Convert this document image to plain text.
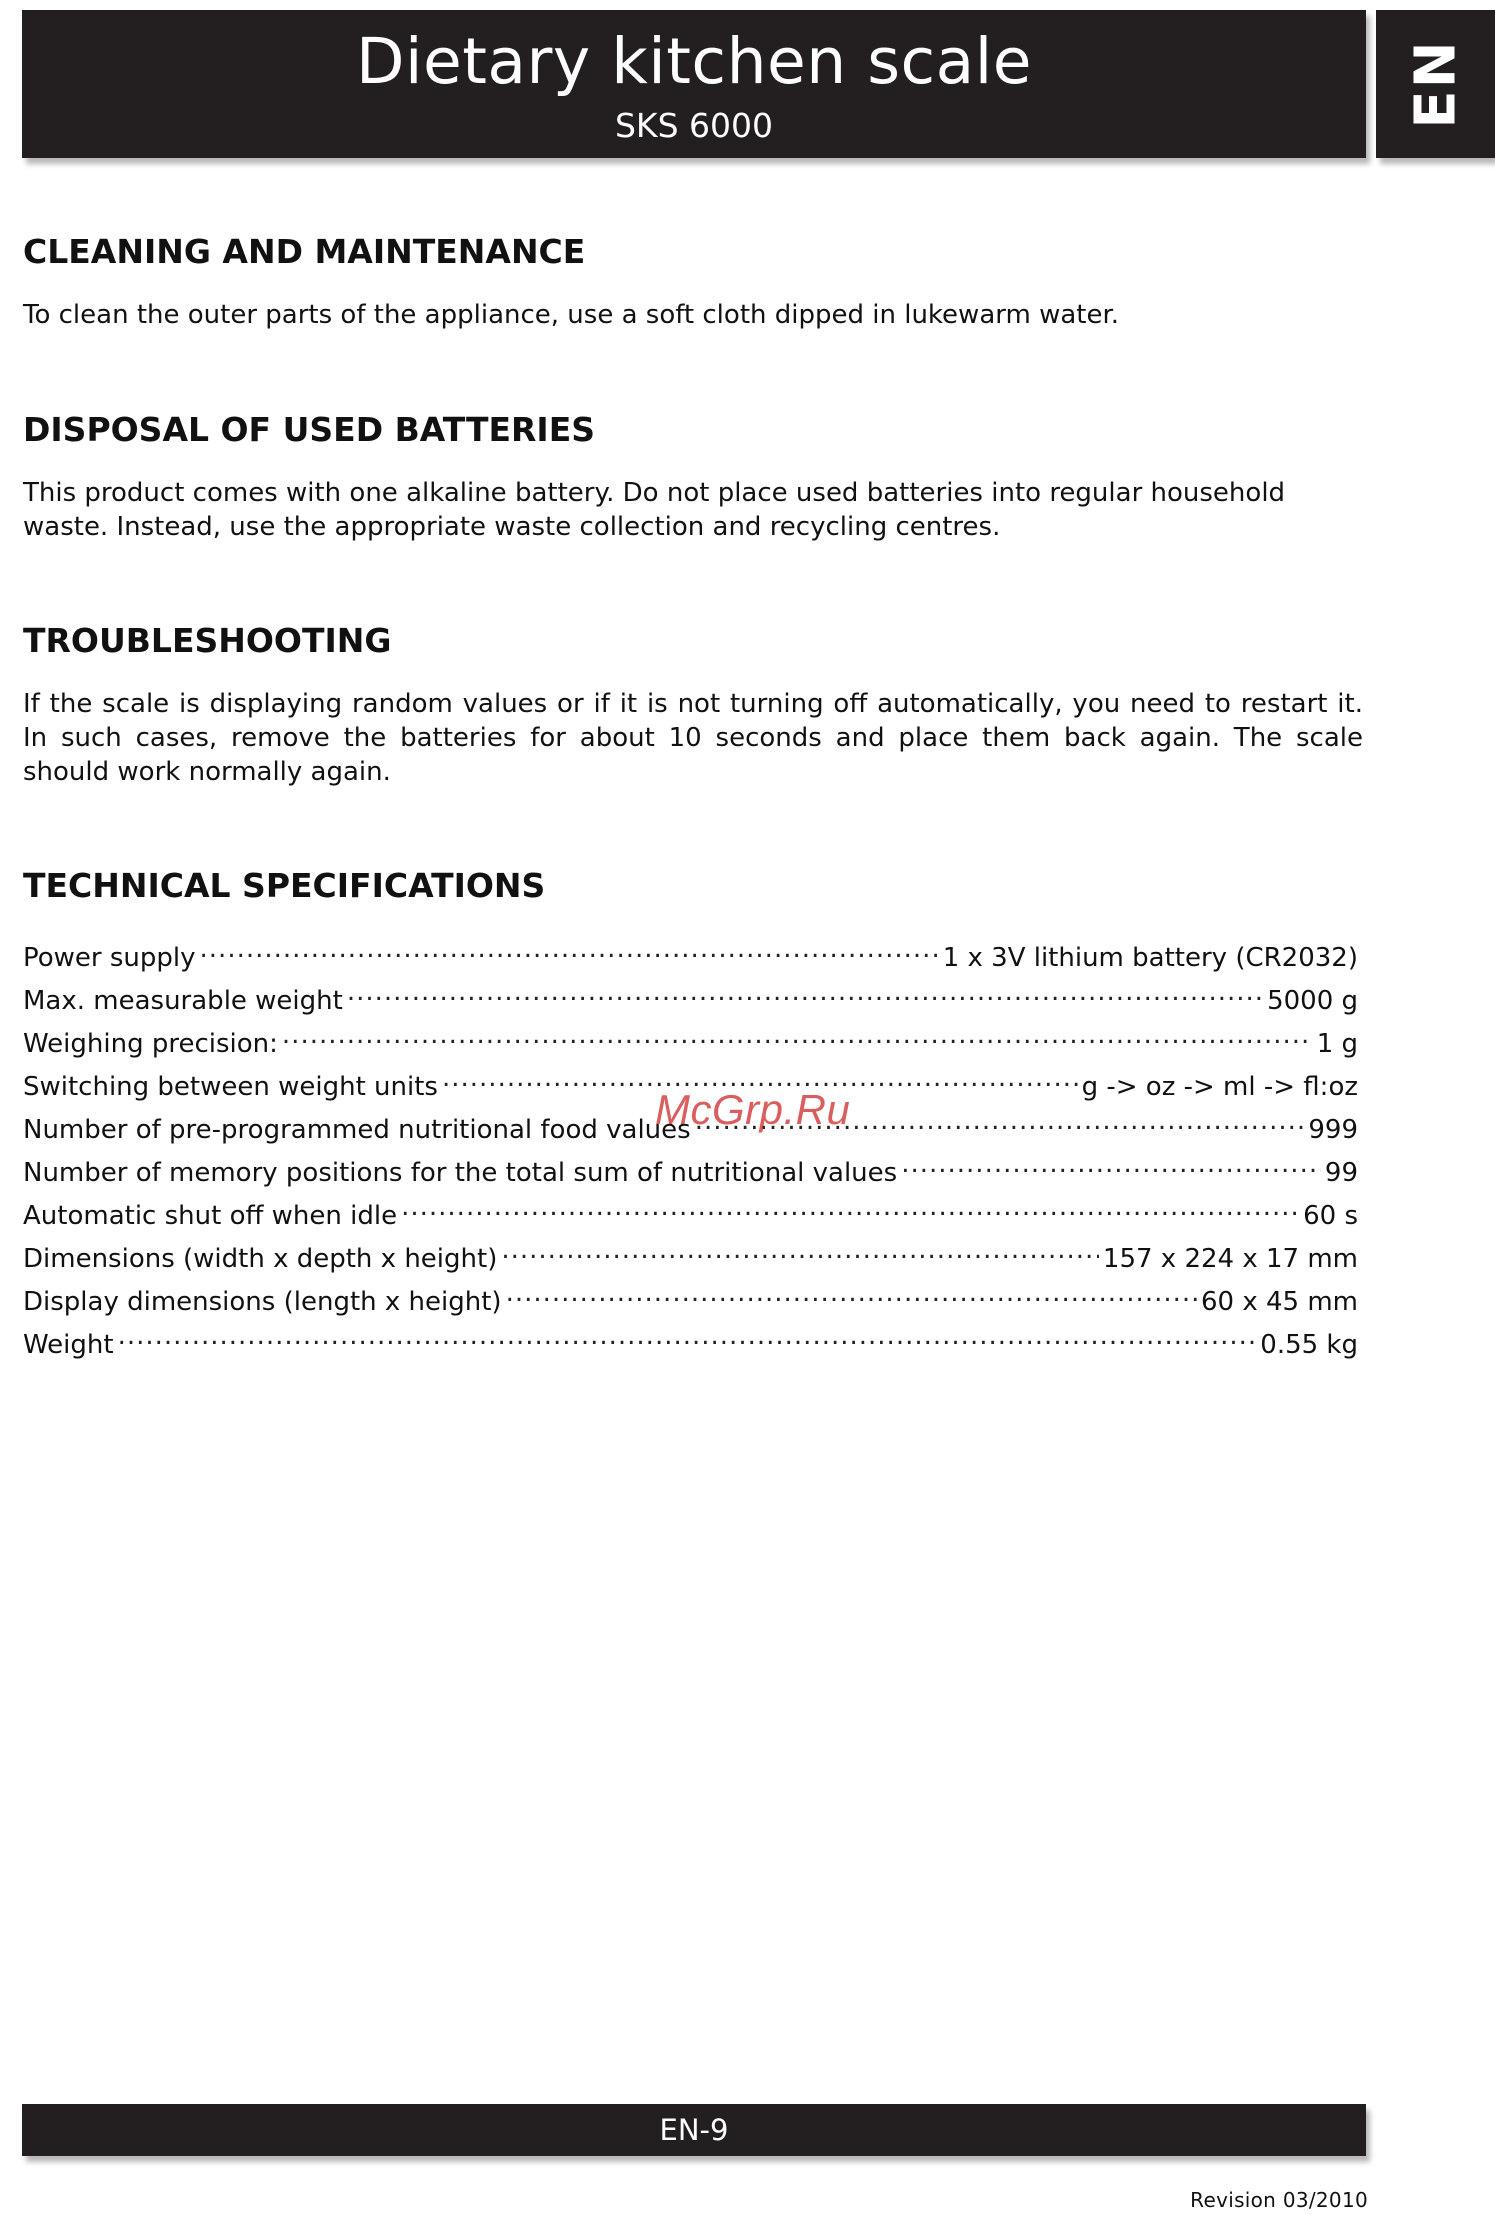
Dietary kitchen scale
SKS 6000	EN
CLEANING AND MAINTENANCE

To clean the outer parts of the appliance, use a soft cloth dipped in lukewarm water.

DISPOSAL OF USED BATTERIES

This product comes with one alkaline battery. Do not place used batteries into regular household waste. Instead, use the appropriate waste collection and recycling centres.

TROUBLESHOOTING

If the scale is displaying random values or if it is not turning off automatically, you need to restart it. In such cases, remove the batteries for about 10 seconds and place them back again. The scale should work normally again.

TECHNICAL SPECIFICATIONS
Power supply .....	1 x 3V lithium battery (CR2032)
Max. measurable weight .....	5000 g
Weighing precision: .....	1 g
Switching between weight units .....	g -> oz -> ml -> fl:oz
Number of pre-programmed nutritional food values .....	999
Number of memory positions for the total sum of nutritional values .....	99
Automatic shut off when idle .....	60 s
Dimensions (width x depth x height) .....	157 x 224 x 17 mm
Display dimensions (length x height) .....	60 x 45 mm
Weight .....	0.55 kg
McGrp.Ru
EN-9
Revision 03/2010
